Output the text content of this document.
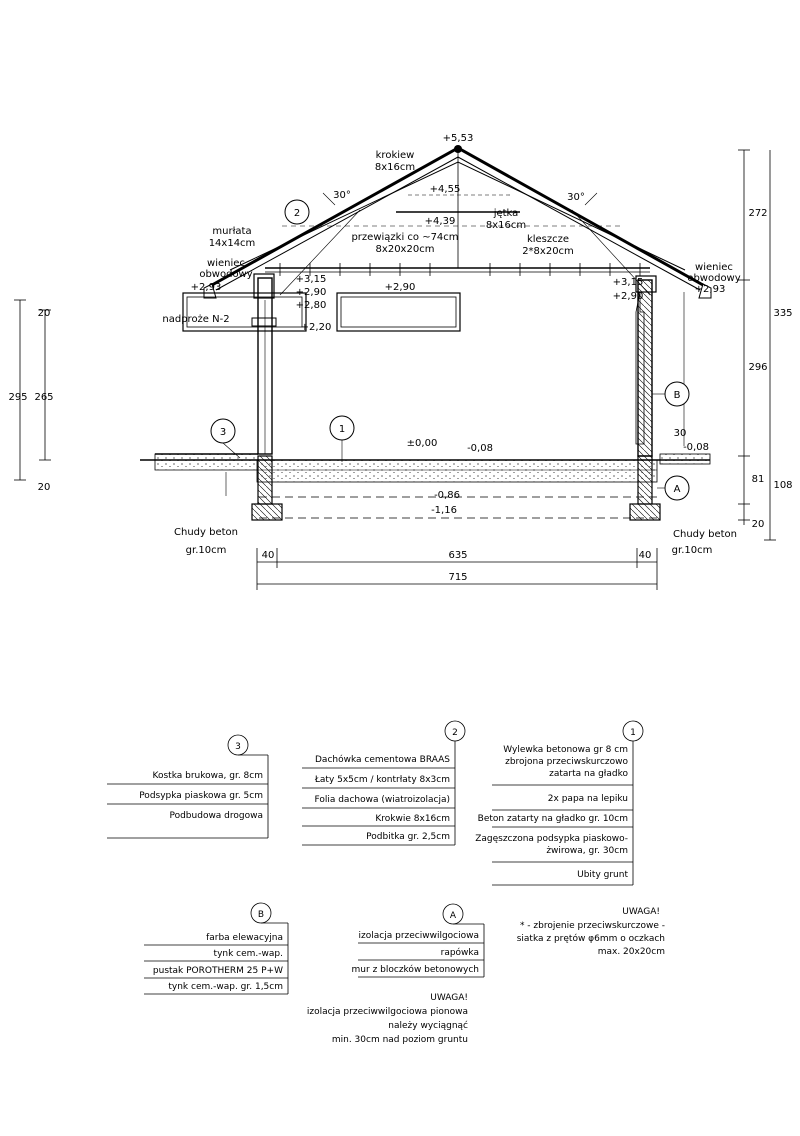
+5,53
krokiew
8x16cm
+4,55
30°	30°
+4,39
jętka
8x16cm
przewiązki co ~74cm
8x20x20cm
kleszcze
2*8x20cm
murłata
14x14cm
wieniec
obwodowy
wieniec
obwodowy
+2,93
nadproże N-2
+3,15
+2,90
+2,80
+2,20
+2,90	+3,15
+2,90
+2,93
±0,00	-0,08	-0,08
-0,86
-1,16
30
Chudy beton
gr.10cm
Chudy beton
gr.10cm
2
1
3
B
A
40	635	40
715
20
265
295
20
272
296
81
20
108
335
1
Wylewka betonowa gr 8 cm
zbrojona przeciwskurczowo
zatarta na gładko
2x papa na lepiku
Beton zatarty na gładko gr. 10cm
Zagęszczona podsypka piaskowo-
żwirowa, gr. 30cm
Ubity grunt
2
Dachówka cementowa BRAAS
Łaty 5x5cm / kontrłaty 8x3cm
Folia dachowa (wiatroizolacja)
Krokwie 8x16cm
Podbitka gr. 2,5cm
3
Kostka brukowa, gr. 8cm
Podsypka piaskowa gr. 5cm
Podbudowa drogowa
A
izolacja przeciwwilgociowa
rapówka
mur z bloczków betonowych
B
farba elewacyjna
tynk cem.-wap.
pustak POROTHERM 25 P+W
tynk cem.-wap. gr. 1,5cm
UWAGA!
* - zbrojenie przeciwskurczowe -
siatka z prętów φ6mm o oczkach
max. 20x20cm
UWAGA!
izolacja przeciwwilgociowa pionowa
należy wyciągnąć
min. 30cm nad poziom gruntu
